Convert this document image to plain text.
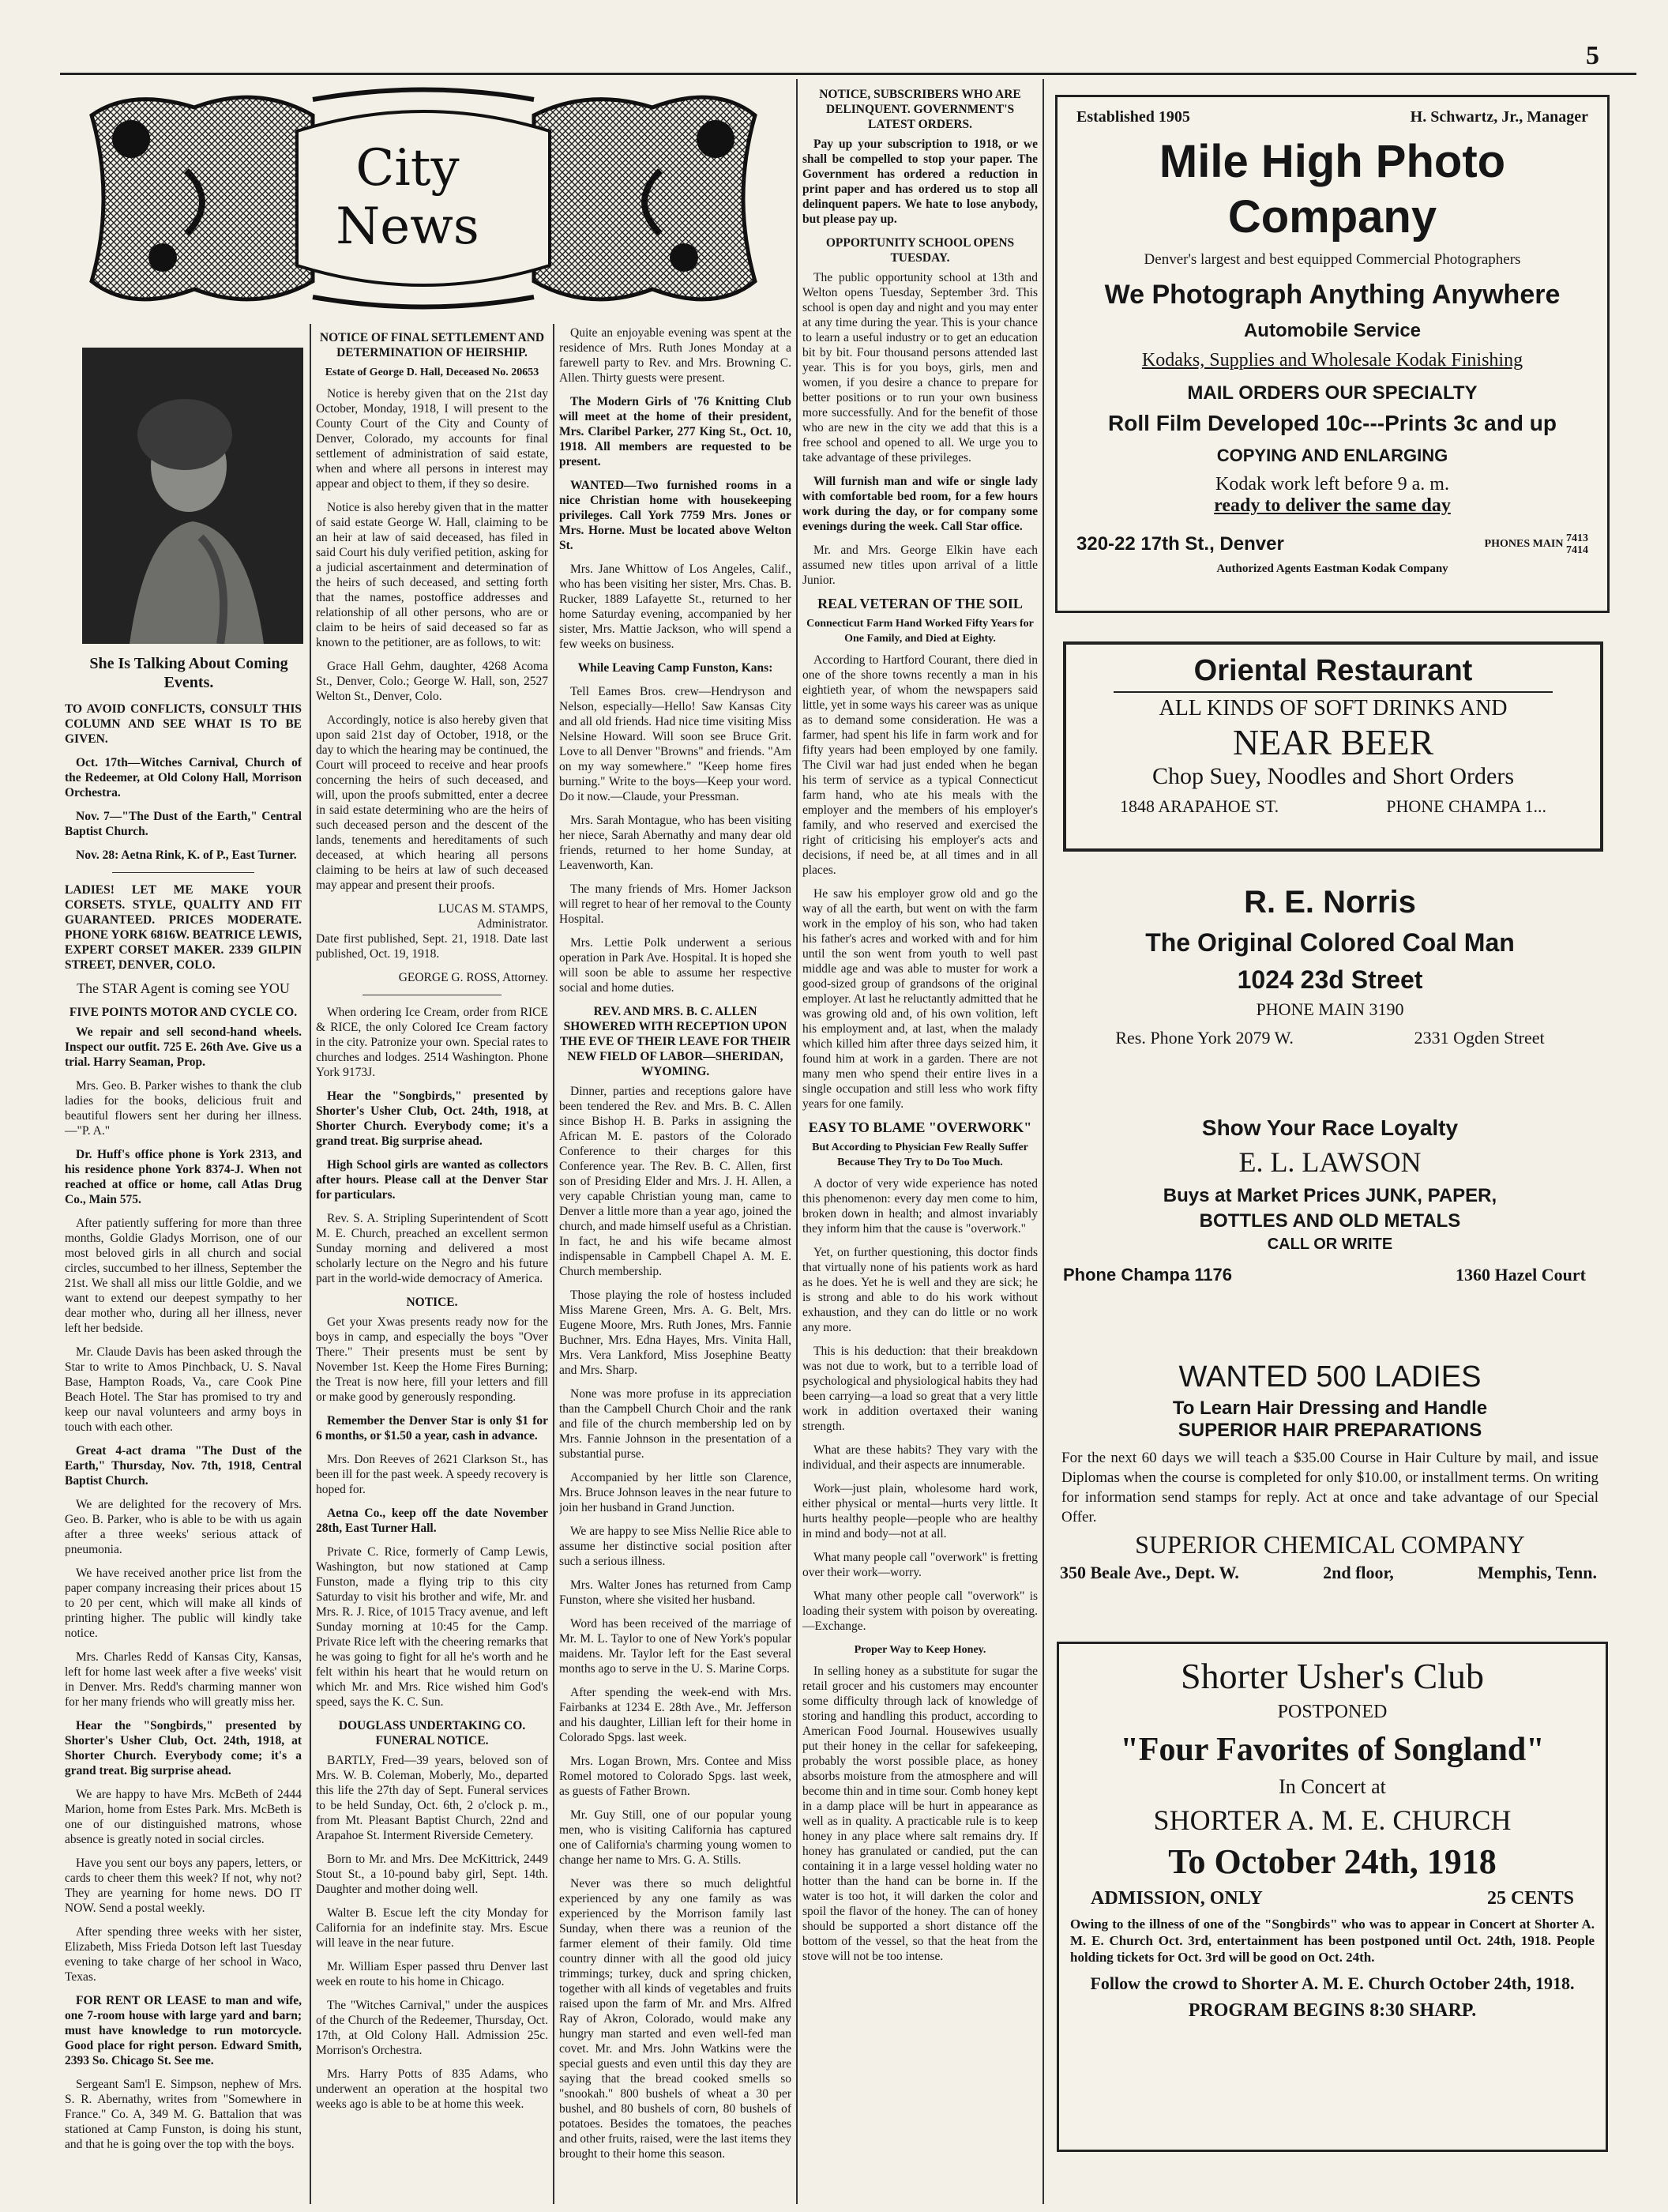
5
City News
She Is Talking About Coming Events.

TO AVOID CONFLICTS, CONSULT THIS COLUMN AND SEE WHAT IS TO BE GIVEN.

Oct. 17th—Witches Carnival, Church of the Redeemer, at Old Colony Hall, Morrison Orchestra.

Nov. 7—"The Dust of the Earth," Central Baptist Church.

Nov. 28: Aetna Rink, K. of P., East Turner.

LADIES! LET ME MAKE YOUR CORSETS. STYLE, QUALITY AND FIT GUARANTEED. PRICES MODERATE. PHONE YORK 6816W. BEATRICE LEWIS, EXPERT CORSET MAKER. 2339 GILPIN STREET, DENVER, COLO.

The STAR Agent is coming see YOU

FIVE POINTS MOTOR AND CYCLE CO.

We repair and sell second-hand wheels. Inspect our outfit. 725 E. 26th Ave. Give us a trial. Harry Seaman, Prop.

Mrs. Geo. B. Parker wishes to thank the club ladies for the books, delicious fruit and beautiful flowers sent her during her illness.—"P. A."

Dr. Huff's office phone is York 2313, and his residence phone York 8374-J. When not reached at office or home, call Atlas Drug Co., Main 575.

After patiently suffering for more than three months, Goldie Gladys Morrison, one of our most beloved girls in all church and social circles, succumbed to her illness, September the 21st. We shall all miss our little Goldie, and we want to extend our deepest sympathy to her dear mother who, during all her illness, never left her bedside.

Mr. Claude Davis has been asked through the Star to write to Amos Pinchback, U. S. Naval Base, Hampton Roads, Va., care Cook Pine Beach Hotel. The Star has promised to try and keep our naval volunteers and army boys in touch with each other.

Great 4-act drama "The Dust of the Earth," Thursday, Nov. 7th, 1918, Central Baptist Church.

We are delighted for the recovery of Mrs. Geo. B. Parker, who is able to be with us again after a three weeks' serious attack of pneumonia.

We have received another price list from the paper company increasing their prices about 15 to 20 per cent, which will make all kinds of printing higher. The public will kindly take notice.

Mrs. Charles Redd of Kansas City, Kansas, left for home last week after a five weeks' visit in Denver. Mrs. Redd's charming manner won for her many friends who will greatly miss her.

Hear the "Songbirds," presented by Shorter's Usher Club, Oct. 24th, 1918, at Shorter Church. Everybody come; it's a grand treat. Big surprise ahead.

We are happy to have Mrs. McBeth of 2444 Marion, home from Estes Park. Mrs. McBeth is one of our distinguished matrons, whose absence is greatly noted in social circles.

Have you sent our boys any papers, letters, or cards to cheer them this week? If not, why not? They are yearning for home news. DO IT NOW. Send a postal weekly.

After spending three weeks with her sister, Elizabeth, Miss Frieda Dotson left last Tuesday evening to take charge of her school in Waco, Texas.

FOR RENT OR LEASE to man and wife, one 7-room house with large yard and barn; must have knowledge to run motorcycle. Good place for right person. Edward Smith, 2393 So. Chicago St. See me.

Sergeant Sam'l E. Simpson, nephew of Mrs. S. R. Abernathy, writes from "Somewhere in France." Co. A, 349 M. G. Battalion that was stationed at Camp Funston, is doing his stunt, and that he is going over the top with the boys.

NOTICE OF FINAL SETTLEMENT AND DETERMINATION OF HEIRSHIP.
Estate of George D. Hall, Deceased No. 20653

Notice is hereby given that on the 21st day October, Monday, 1918, I will present to the County Court of the City and County of Denver, Colorado, my accounts for final settlement of administration of said estate, when and where all persons in interest may appear and object to them, if they so desire.

Notice is also hereby given that in the matter of said estate George W. Hall, claiming to be an heir at law of said deceased, has filed in said Court his duly verified petition, asking for a judicial ascertainment and determination of the heirs of such deceased, and setting forth that the names, postoffice addresses and relationship of all other persons, who are or claim to be heirs of said deceased so far as known to the petitioner, are as follows, to wit:

Grace Hall Gehm, daughter, 4268 Acoma St., Denver, Colo.; George W. Hall, son, 2527 Welton St., Denver, Colo.

Accordingly, notice is also hereby given that upon said 21st day of October, 1918, or the day to which the hearing may be continued, the Court will proceed to receive and hear proofs concerning the heirs of such deceased, and will, upon the proofs submitted, enter a decree in said estate determining who are the heirs of such deceased person and the descent of the lands, tenements and hereditaments of such deceased, at which hearing all persons claiming to be heirs at law of such deceased may appear and present their proofs.

LUCAS M. STAMPS,

Administrator.

Date first published, Sept. 21, 1918. Date last published, Oct. 19, 1918.

GEORGE G. ROSS, Attorney.

When ordering Ice Cream, order from RICE & RICE, the only Colored Ice Cream factory in the city. Patronize your own. Special rates to churches and lodges. 2514 Washington. Phone York 9173J.

Hear the "Songbirds," presented by Shorter's Usher Club, Oct. 24th, 1918, at Shorter Church. Everybody come; it's a grand treat. Big surprise ahead.

High School girls are wanted as collectors after hours. Please call at the Denver Star for particulars.

Rev. S. A. Stripling Superintendent of Scott M. E. Church, preached an excellent sermon Sunday morning and delivered a most scholarly lecture on the Negro and his future part in the world-wide democracy of America.

NOTICE.

Get your Xwas presents ready now for the boys in camp, and especially the boys "Over There." Their presents must be sent by November 1st. Keep the Home Fires Burning; the Treat is now here, fill your letters and fill or make good by generously responding.

Remember the Denver Star is only $1 for 6 months, or $1.50 a year, cash in advance.

Mrs. Don Reeves of 2621 Clarkson St., has been ill for the past week. A speedy recovery is hoped for.

Aetna Co., keep off the date November 28th, East Turner Hall.

Private C. Rice, formerly of Camp Lewis, Washington, but now stationed at Camp Funston, made a flying trip to this city Saturday to visit his brother and wife, Mr. and Mrs. R. J. Rice, of 1015 Tracy avenue, and left Sunday morning at 10:45 for the Camp. Private Rice left with the cheering remarks that he was going to fight for all he's worth and he felt within his heart that he would return on which Mr. and Mrs. Rice wished him God's speed, says the K. C. Sun.

DOUGLASS UNDERTAKING CO. FUNERAL NOTICE.

BARTLY, Fred—39 years, beloved son of Mrs. W. B. Coleman, Moberly, Mo., departed this life the 27th day of Sept. Funeral services to be held Sunday, Oct. 6th, 2 o'clock p. m., from Mt. Pleasant Baptist Church, 22nd and Arapahoe St. Interment Riverside Cemetery.

Born to Mr. and Mrs. Dee McKittrick, 2449 Stout St., a 10-pound baby girl, Sept. 14th. Daughter and mother doing well.

Walter B. Escue left the city Monday for California for an indefinite stay. Mrs. Escue will leave in the near future.

Mr. William Esper passed thru Denver last week en route to his home in Chicago.

The "Witches Carnival," under the auspices of the Church of the Redeemer, Thursday, Oct. 17th, at Old Colony Hall. Admission 25c. Morrison's Orchestra.

Mrs. Harry Potts of 835 Adams, who underwent an operation at the hospital two weeks ago is able to be at home this week.

Quite an enjoyable evening was spent at the residence of Mrs. Ruth Jones Monday at a farewell party to Rev. and Mrs. Browning C. Allen. Thirty guests were present.

The Modern Girls of '76 Knitting Club will meet at the home of their president, Mrs. Claribel Parker, 277 King St., Oct. 10, 1918. All members are requested to be present.

WANTED—Two furnished rooms in a nice Christian home with housekeeping privileges. Call York 7759 Mrs. Jones or Mrs. Horne. Must be located above Welton St.

Mrs. Jane Whittow of Los Angeles, Calif., who has been visiting her sister, Mrs. Chas. B. Rucker, 1889 Lafayette St., returned to her home Saturday evening, accompanied by her sister, Mrs. Mattie Jackson, who will spend a few weeks on business.

While Leaving Camp Funston, Kans:

Tell Eames Bros. crew—Hendryson and Nelson, especially—Hello! Saw Kansas City and all old friends. Had nice time visiting Miss Nelsine Howard. Will soon see Bruce Grit. Love to all Denver "Browns" and friends. "Am on my way somewhere." "Keep home fires burning." Write to the boys—Keep your word. Do it now.—Claude, your Pressman.

Mrs. Sarah Montague, who has been visiting her niece, Sarah Abernathy and many dear old friends, returned to her home Sunday, at Leavenworth, Kan.

The many friends of Mrs. Homer Jackson will regret to hear of her removal to the County Hospital.

Mrs. Lettie Polk underwent a serious operation in Park Ave. Hospital. It is hoped she will soon be able to assume her respective social and home duties.

REV. AND MRS. B. C. ALLEN SHOWERED WITH RECEPTION UPON THE EVE OF THEIR LEAVE FOR THEIR NEW FIELD OF LABOR—SHERIDAN, WYOMING.

Dinner, parties and receptions galore have been tendered the Rev. and Mrs. B. C. Allen since Bishop H. B. Parks in assigning the African M. E. pastors of the Colorado Conference to their charges for this Conference year. The Rev. B. C. Allen, first son of Presiding Elder and Mrs. J. H. Allen, a very capable Christian young man, came to Denver a little more than a year ago, joined the church, and made himself useful as a Christian. In fact, he and his wife became almost indispensable in Campbell Chapel A. M. E. Church membership.

Those playing the role of hostess included Miss Marene Green, Mrs. A. G. Belt, Mrs. Eugene Moore, Mrs. Ruth Jones, Mrs. Fannie Buchner, Mrs. Edna Hayes, Mrs. Vinita Hall, Mrs. Vera Lankford, Miss Josephine Beatty and Mrs. Sharp.

None was more profuse in its appreciation than the Campbell Church Choir and the rank and file of the church membership led on by Mrs. Fannie Johnson in the presentation of a substantial purse.

Accompanied by her little son Clarence, Mrs. Bruce Johnson leaves in the near future to join her husband in Grand Junction.

We are happy to see Miss Nellie Rice able to assume her distinctive social position after such a serious illness.

Mrs. Walter Jones has returned from Camp Funston, where she visited her husband.

Word has been received of the marriage of Mr. M. L. Taylor to one of New York's popular maidens. Mr. Taylor left for the East several months ago to serve in the U. S. Marine Corps.

After spending the week-end with Mrs. Fairbanks at 1234 E. 28th Ave., Mr. Jefferson and his daughter, Lillian left for their home in Colorado Spgs. last week.

Mrs. Logan Brown, Mrs. Contee and Miss Romel motored to Colorado Spgs. last week, as guests of Father Brown.

Mr. Guy Still, one of our popular young men, who is visiting California has captured one of California's charming young women to change her name to Mrs. G. A. Stills.

Never was there so much delightful experienced by any one family as was experienced by the Morrison family last Sunday, when there was a reunion of the farmer element of their family. Old time country dinner with all the good old juicy trimmings; turkey, duck and spring chicken, together with all kinds of vegetables and fruits raised upon the farm of Mr. and Mrs. Alfred Ray of Akron, Colorado, would make any hungry man started and even well-fed man covet. Mr. and Mrs. John Watkins were the special guests and even until this day they are saying that the bread cooked smells so "snookah." 800 bushels of wheat a 30 per bushel, and 80 bushels of corn, 80 bushels of potatoes. Besides the tomatoes, the peaches and other fruits, raised, were the last items they brought to their home this season.

NOTICE, SUBSCRIBERS WHO ARE DELINQUENT. GOVERNMENT'S LATEST ORDERS.

Pay up your subscription to 1918, or we shall be compelled to stop your paper. The Government has ordered a reduction in print paper and has ordered us to stop all delinquent papers. We hate to lose anybody, but please pay up.

OPPORTUNITY SCHOOL OPENS TUESDAY.

The public opportunity school at 13th and Welton opens Tuesday, September 3rd. This school is open day and night and you may enter at any time during the year. This is your chance to learn a useful industry or to get an education bit by bit. Four thousand persons attended last year. This is for you boys, girls, men and women, if you desire a chance to prepare for better positions or to run your own business more successfully. And for the benefit of those who are new in the city we add that this is a free school and opened to all. We urge you to take advantage of these privileges.

Will furnish man and wife or single lady with comfortable bed room, for a few hours work during the day, or for company some evenings during the week. Call Star office.

Mr. and Mrs. George Elkin have each assumed new titles upon arrival of a little Junior.

REAL VETERAN OF THE SOIL
Connecticut Farm Hand Worked Fifty Years for One Family, and Died at Eighty.

According to Hartford Courant, there died in one of the shore towns recently a man in his eightieth year, of whom the newspapers said little, yet in some ways his career was as unique as to demand some consideration. He was a farmer, had spent his life in farm work and for fifty years had been employed by one family. The Civil war had just ended when he began his term of service as a typical Connecticut farm hand, who ate his meals with the employer and the members of his employer's family, and who reserved and exercised the right of criticising his employer's acts and decisions, if need be, at all times and in all places.

He saw his employer grow old and go the way of all the earth, but went on with the farm work in the employ of his son, who had taken his father's acres and worked with and for him until the son went from youth to well past middle age and was able to muster for work a good-sized group of grandsons of the original employer. At last he reluctantly admitted that he was growing old and, of his own volition, left his employment and, at last, when the malady which killed him after three days seized him, it found him at work in a garden. There are not many men who spend their entire lives in a single occupation and still less who work fifty years for one family.

EASY TO BLAME "OVERWORK"
But According to Physician Few Really Suffer Because They Try to Do Too Much.

A doctor of very wide experience has noted this phenomenon: every day men come to him, broken down in health; and almost invariably they inform him that the cause is "overwork."

Yet, on further questioning, this doctor finds that virtually none of his patients work as hard as he does. Yet he is well and they are sick; he is strong and able to do his work without exhaustion, and they can do little or no work any more.

This is his deduction: that their breakdown was not due to work, but to a terrible load of psychological and physiological habits they had been carrying—a load so great that a very little work in addition overtaxed their waning strength.

What are these habits? They vary with the individual, and their aspects are innumerable.

Work—just plain, wholesome hard work, either physical or mental—hurts very little. It hurts healthy people—people who are healthy in mind and body—not at all.

What many people call "overwork" is fretting over their work—worry.

What many other people call "overwork" is loading their system with poison by overeating.—Exchange.

Proper Way to Keep Honey.

In selling honey as a substitute for sugar the retail grocer and his customers may encounter some difficulty through lack of knowledge of storing and handling this product, according to American Food Journal. Housewives usually put their honey in the cellar for safekeeping, probably the worst possible place, as honey absorbs moisture from the atmosphere and will become thin and in time sour. Comb honey kept in a damp place will be hurt in appearance as well as in quality. A practicable rule is to keep honey in any place where salt remains dry. If honey has granulated or candied, put the can containing it in a large vessel holding water no hotter than the hand can be borne in. If the water is too hot, it will darken the color and spoil the flavor of the honey. The can of honey should be supported a short distance off the bottom of the vessel, so that the heat from the stove will not be too intense.

Established 1905	H. Schwartz, Jr., Manager
Mile High Photo
Company
Denver's largest and best equipped Commercial Photographers
We Photograph Anything Anywhere
Automobile Service
Kodaks, Supplies and Wholesale Kodak Finishing
MAIL ORDERS OUR SPECIALTY
Roll Film Developed 10c---Prints 3c and up
COPYING AND ENLARGING
Kodak work left before 9 a. m.
ready to deliver the same day
320-22 17th St., Denver	PHONES MAIN 7413
7414
Authorized Agents Eastman Kodak Company
Oriental Restaurant
ALL KINDS OF SOFT DRINKS AND
NEAR BEER
Chop Suey, Noodles and Short Orders
1848 ARAPAHOE ST.	PHONE CHAMPA 1...
R. E. Norris
The Original Colored Coal Man
1024 23d Street
PHONE MAIN 3190
Res. Phone York 2079 W.	2331 Ogden Street
Show Your Race Loyalty
E. L. LAWSON
Buys at Market Prices JUNK, PAPER,
BOTTLES AND OLD METALS
CALL OR WRITE
Phone Champa 1176	1360 Hazel Court
WANTED 500 LADIES
To Learn Hair Dressing and Handle
SUPERIOR HAIR PREPARATIONS
For the next 60 days we will teach a $35.00 Course in Hair Culture by mail, and issue Diplomas when the course is completed for only $10.00, or installment terms. On writing for information send stamps for reply. Act at once and take advantage of our Special Offer.
SUPERIOR CHEMICAL COMPANY
350 Beale Ave., Dept. W.	2nd floor,	Memphis, Tenn.
Shorter Usher's Club
POSTPONED
"Four Favorites of Songland"
In Concert at
SHORTER A. M. E. CHURCH
To October 24th, 1918
ADMISSION, ONLY	25 CENTS
Owing to the illness of one of the "Songbirds" who was to appear in Concert at Shorter A. M. E. Church Oct. 3rd, entertainment has been postponed until Oct. 24th, 1918. People holding tickets for Oct. 3rd will be good on Oct. 24th.
Follow the crowd to Shorter A. M. E. Church October 24th, 1918.
PROGRAM BEGINS 8:30 SHARP.
